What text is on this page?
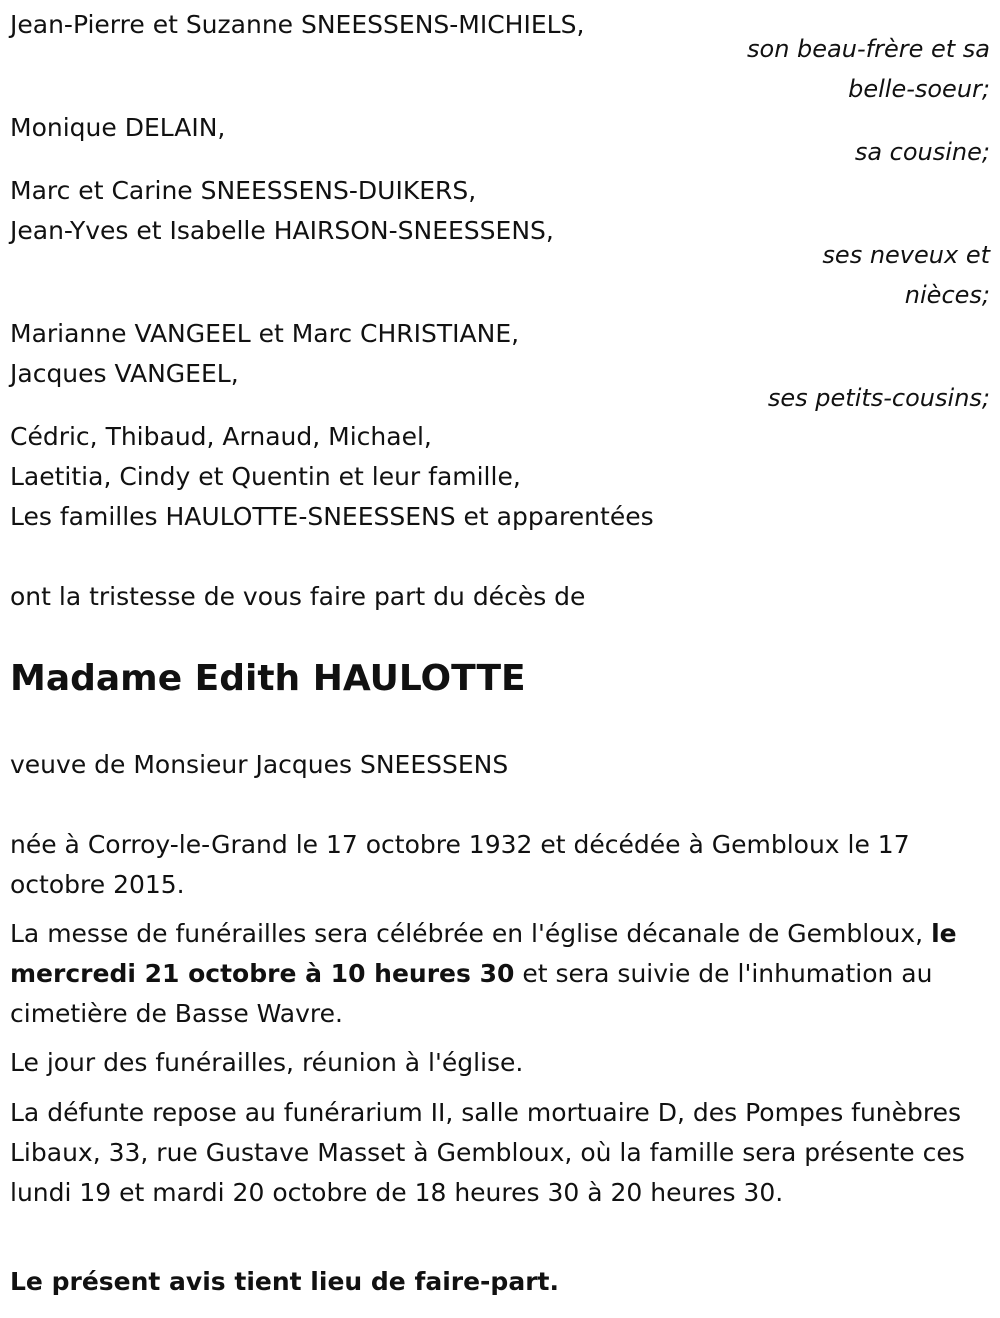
Jean-Pierre et Suzanne SNEESSENS-MICHIELS,
son beau-frère et sa
belle-soeur;
Monique DELAIN,
sa cousine;
Marc et Carine SNEESSENS-DUIKERS,
Jean-Yves et Isabelle HAIRSON-SNEESSENS,
ses neveux et
nièces;
Marianne VANGEEL et Marc CHRISTIANE,
Jacques VANGEEL,
ses petits-cousins;
Cédric, Thibaud, Arnaud, Michael,
Laetitia, Cindy et Quentin et leur famille,
Les familles HAULOTTE-SNEESSENS et apparentées
ont la tristesse de vous faire part du décès de
Madame Edith HAULOTTE
veuve de Monsieur Jacques SNEESSENS

née à Corroy-le-Grand le 17 octobre 1932 et décédée à Gembloux le 17 octobre 2015.

La messe de funérailles sera célébrée en l'église décanale de Gembloux, le mercredi 21 octobre à 10 heures 30 et sera suivie de l'inhumation au cimetière de Basse Wavre.

Le jour des funérailles, réunion à l'église.

La défunte repose au funérarium II, salle mortuaire D, des Pompes funèbres Libaux, 33, rue Gustave Masset à Gembloux, où la famille sera présente ces lundi 19 et mardi 20 octobre de 18 heures 30 à 20 heures 30.

Le présent avis tient lieu de faire-part.
